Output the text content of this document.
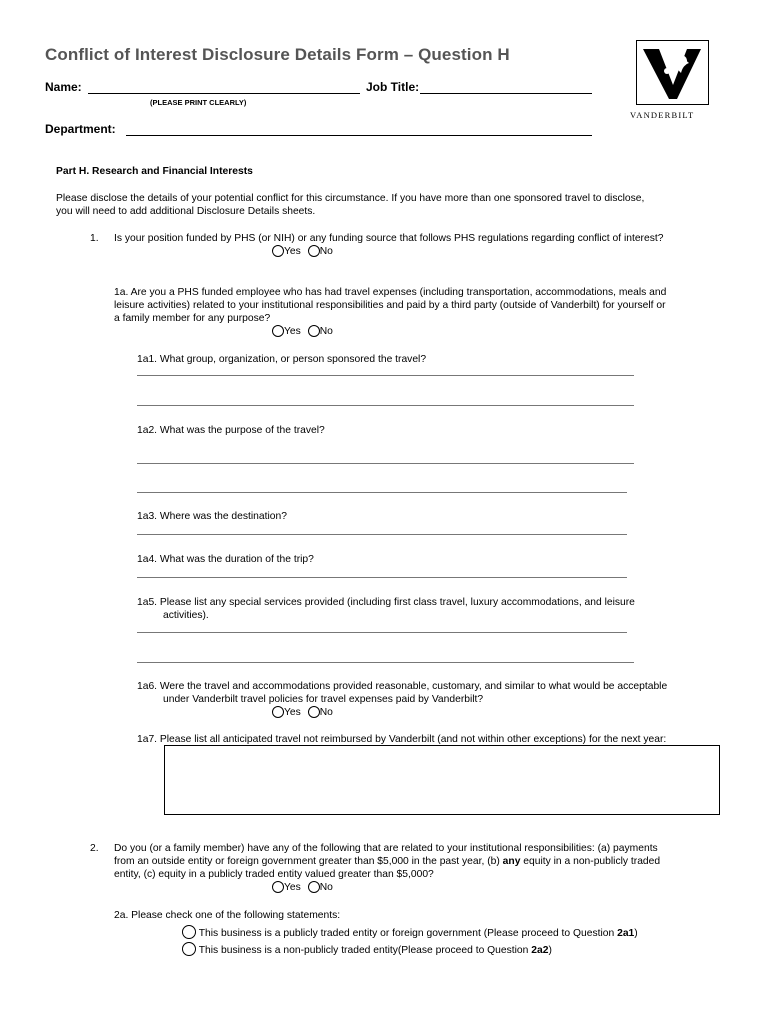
Conflict of Interest Disclosure Details Form – Question H
VANDERBILT
Name:	Job Title:
(PLEASE PRINT CLEARLY)
Department:
Part H. Research and Financial Interests
Please disclose the details of your potential conflict for this circumstance. If you have more than one sponsored travel to disclose,
you will need to add additional Disclosure Details sheets.
1. Is your position funded by PHS (or NIH) or any funding source that follows PHS regulations regarding conflict of interest?
Yes No
1a. Are you a PHS funded employee who has had travel expenses (including transportation, accommodations, meals and
leisure activities) related to your institutional responsibilities and paid by a third party (outside of Vanderbilt) for yourself or
a family member for any purpose?
Yes No
1a1. What group, organization, or person sponsored the travel?
1a2. What was the purpose of the travel?
1a3. Where was the destination?
1a4. What was the duration of the trip?
1a5. Please list any special services provided (including first class travel, luxury accommodations, and leisure
activities).
1a6. Were the travel and accommodations provided reasonable, customary, and similar to what would be acceptable
under Vanderbilt travel policies for travel expenses paid by Vanderbilt?
Yes No
1a7. Please list all anticipated travel not reimbursed by Vanderbilt (and not within other exceptions) for the next year:
2. Do you (or a family member) have any of the following that are related to your institutional responsibilities: (a) payments
from an outside entity or foreign government greater than $5,000 in the past year, (b) any equity in a non-publicly traded
entity, (c) equity in a publicly traded entity valued greater than $5,000?
Yes No
2a. Please check one of the following statements:
This business is a publicly traded entity or foreign government (Please proceed to Question 2a1)
This business is a non-publicly traded entity(Please proceed to Question 2a2)
